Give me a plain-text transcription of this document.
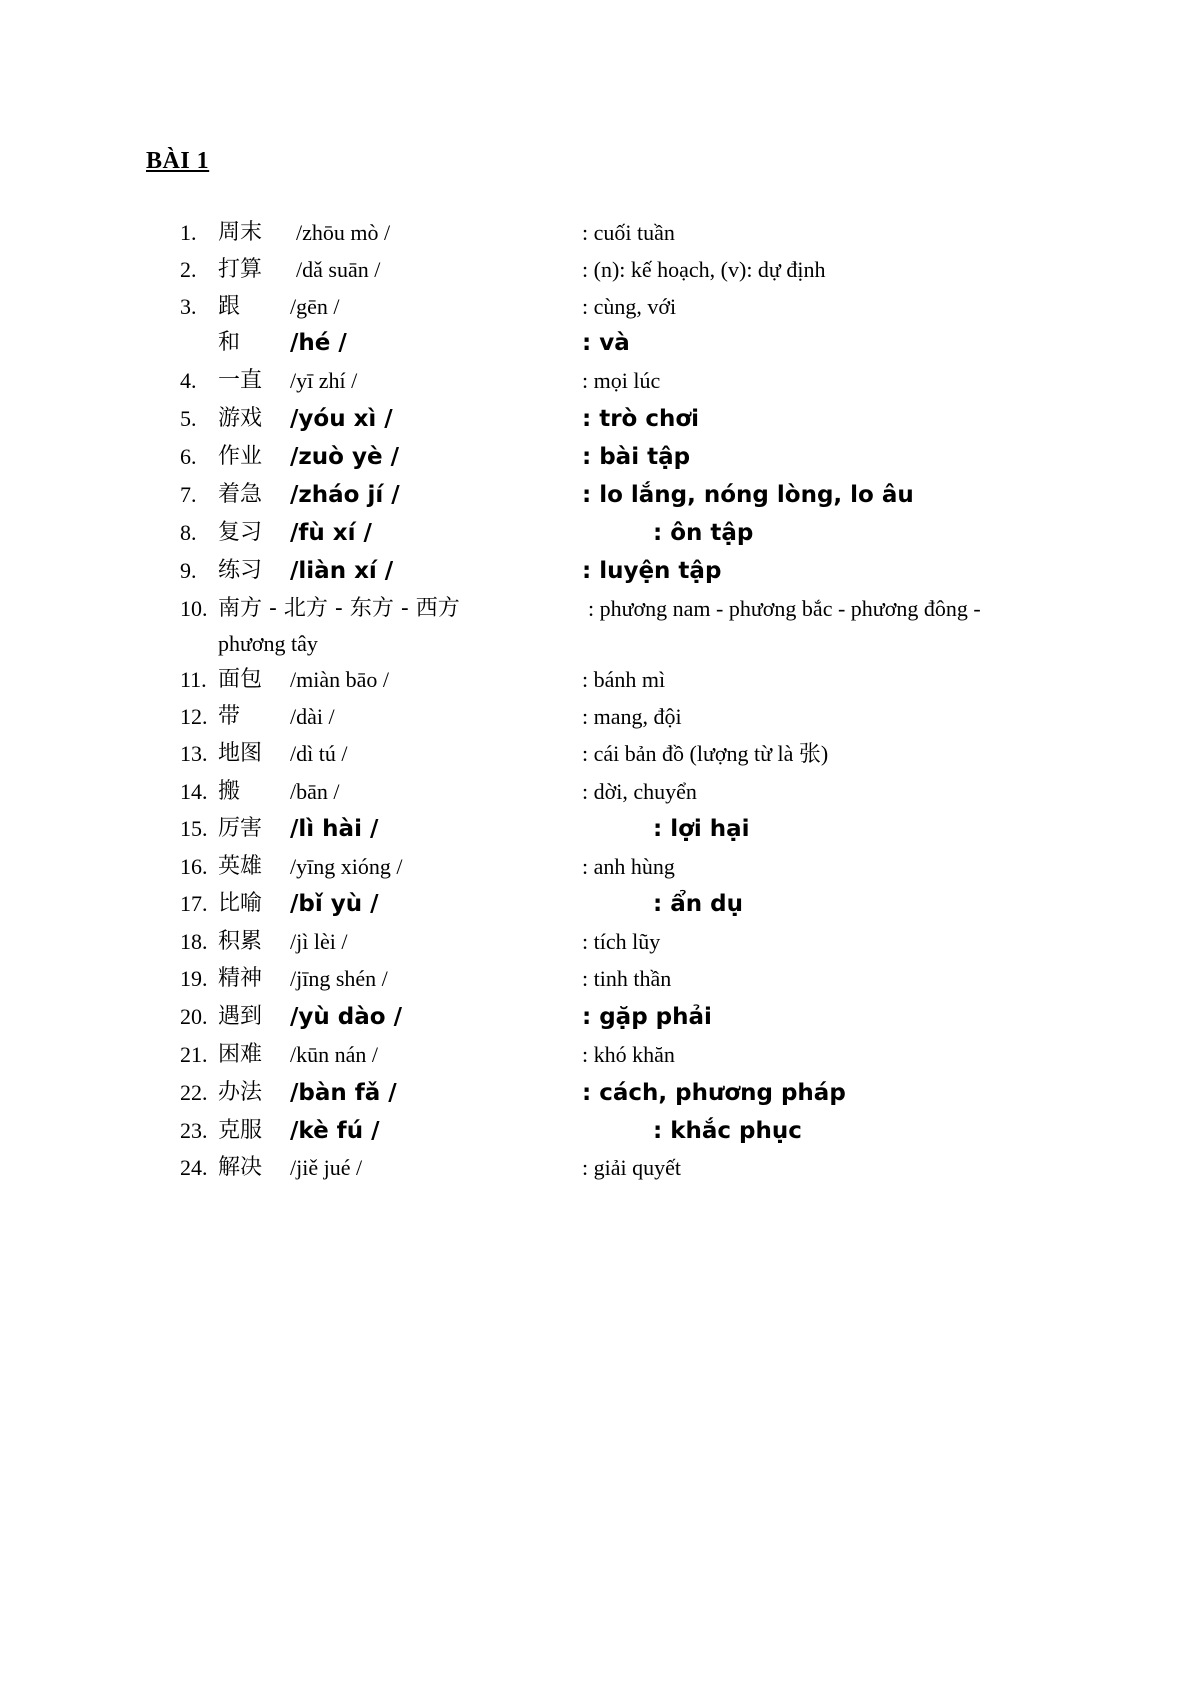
BÀI 1
1. 周末 /zhōu mò /	: cuối tuần
2. 打算 /dǎ suān /	: (n): kế hoạch, (v): dự định
3. 跟 /gēn /	: cùng, với
和 /hé /	: và
4. 一直 /yī zhí /	: mọi lúc
5. 游戏 /yóu xì /	: trò chơi
6. 作业 /zuò yè /	: bài tập
7. 着急 /zháo jí /	: lo lắng, nóng lòng, lo âu
8. 复习 /fù xí /	: ôn tập
9. 练习 /liàn xí /	: luyện tập
10. 南方 - 北方 - 东方 - 西方	: phương nam - phương bắc - phương đông -
phương tây
11. 面包 /miàn bāo /	: bánh mì
12. 带 /dài /	: mang, đội
13. 地图 /dì tú /	: cái bản đồ (lượng từ là 张)
14. 搬 /bān /	: dời, chuyển
15. 厉害 /lì hài /	: lợi hại
16. 英雄 /yīng xióng /	: anh hùng
17. 比喻 /bǐ yù /	: ẩn dụ
18. 积累 /jì lèi /	: tích lũy
19. 精神 /jīng shén /	: tinh thần
20. 遇到 /yù dào /	: gặp phải
21. 困难 /kūn nán /	: khó khăn
22. 办法 /bàn fǎ /	: cách, phương pháp
23. 克服 /kè fú /	: khắc phục
24. 解决 /jiě jué /	: giải quyết
